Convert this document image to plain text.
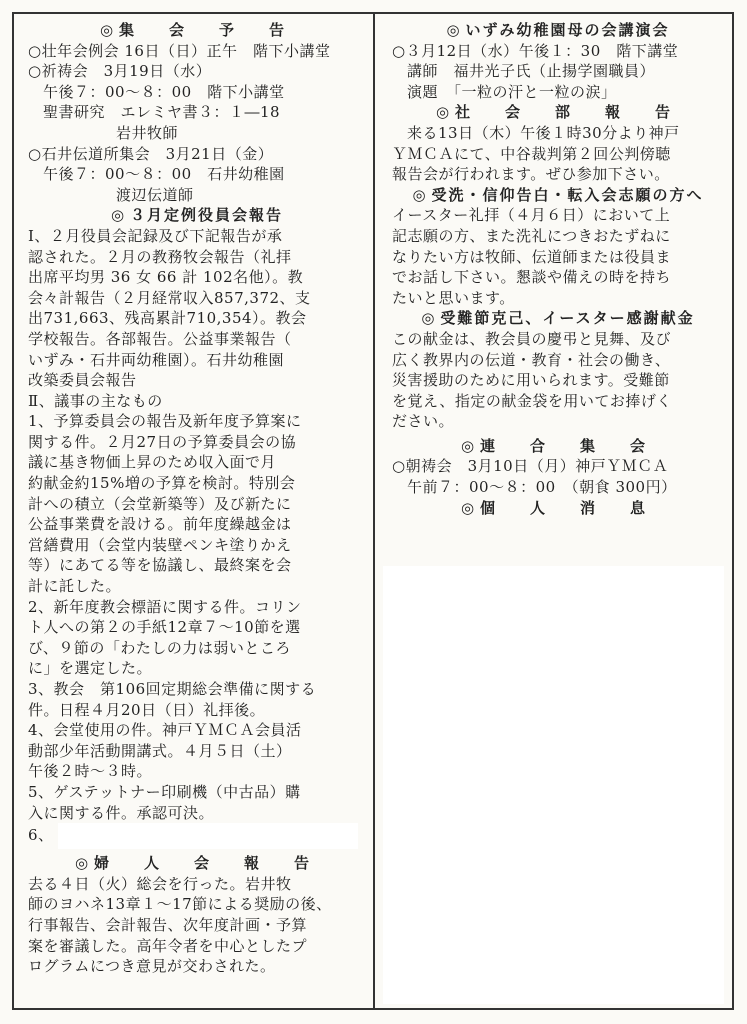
◎ 集　会　予　告
○壮年会例会 16日（日）正午　階下小講堂
○祈祷会　3月19日（水）
午後７：00～８：00　階下小講堂
聖書研究　エレミヤ書３：１―18
岩井牧師
○石井伝道所集会　3月21日（金）
午後７：00～８：00　石井幼稚園
渡辺伝道師
◎ ３月定例役員会報告
Ⅰ、２月役員会記録及び下記報告が承
認された。２月の教務牧会報告（礼拝
出席平均男 36 女 66 計 102名他）。教
会々計報告（２月経常収入857,372、支
出731,663、残高累計710,354）。教会
学校報告。各部報告。公益事業報告（
いずみ・石井両幼稚園）。石井幼稚園
改築委員会報告
Ⅱ、議事の主なもの
1、予算委員会の報告及新年度予算案に
関する件。２月27日の予算委員会の協
議に基き物価上昇のため収入面で月
約献金約15%増の予算を検討。特別会
計への積立（会堂新築等）及び新たに
公益事業費を設ける。前年度繰越金は
営繕費用（会堂内装壁ペンキ塗りかえ
等）にあてる等を協議し、最終案を会
計に託した。
2、新年度教会標語に関する件。コリン
ト人への第２の手紙12章７～10節を選
び、９節の「わたしの力は弱いところ
に」を選定した。
3、教会　第106回定期総会準備に関する
件。日程４月20日（日）礼拝後。
4、会堂使用の件。神戸ＹＭＣＡ会員活
動部少年活動開講式。４月５日（土）
午後２時～３時。
5、ゲステットナー印刷機（中古品）購
入に関する件。承認可決。
6、
◎ 婦　人　会　報　告
去る４日（火）総会を行った。岩井牧
師のヨハネ13章１～17節による奨励の後、
行事報告、会計報告、次年度計画・予算
案を審議した。高年令者を中心としたプ
ログラムにつき意見が交わされた。
◎ いずみ幼稚園母の会講演会
○３月12日（水）午後１：30　階下講堂
講師　福井光子氏（止揚学園職員）
演題　「一粒の汗と一粒の涙」
◎ 社　会　部　報　告
来る13日（木）午後１時30分より神戸
ＹＭＣＡにて、中谷裁判第２回公判傍聴
報告会が行われます。ぜひ参加下さい。
◎ 受洗・信仰告白・転入会志願の方へ
イースター礼拝（４月６日）において上
記志願の方、また洗礼につきおたずねに
なりたい方は牧師、伝道師または役員ま
でお話し下さい。懇談や備えの時を持ち
たいと思います。
◎ 受難節克己、イースター感謝献金
この献金は、教会員の慶弔と見舞、及び
広く教界内の伝道・教育・社会の働き、
災害援助のために用いられます。受難節
を覚え、指定の献金袋を用いてお捧げく
ださい。
◎ 連　合　集　会
○朝祷会　3月10日（月）神戸ＹＭＣＡ
午前７：00～８：00　（朝食 300円）
◎ 個　人　消　息
